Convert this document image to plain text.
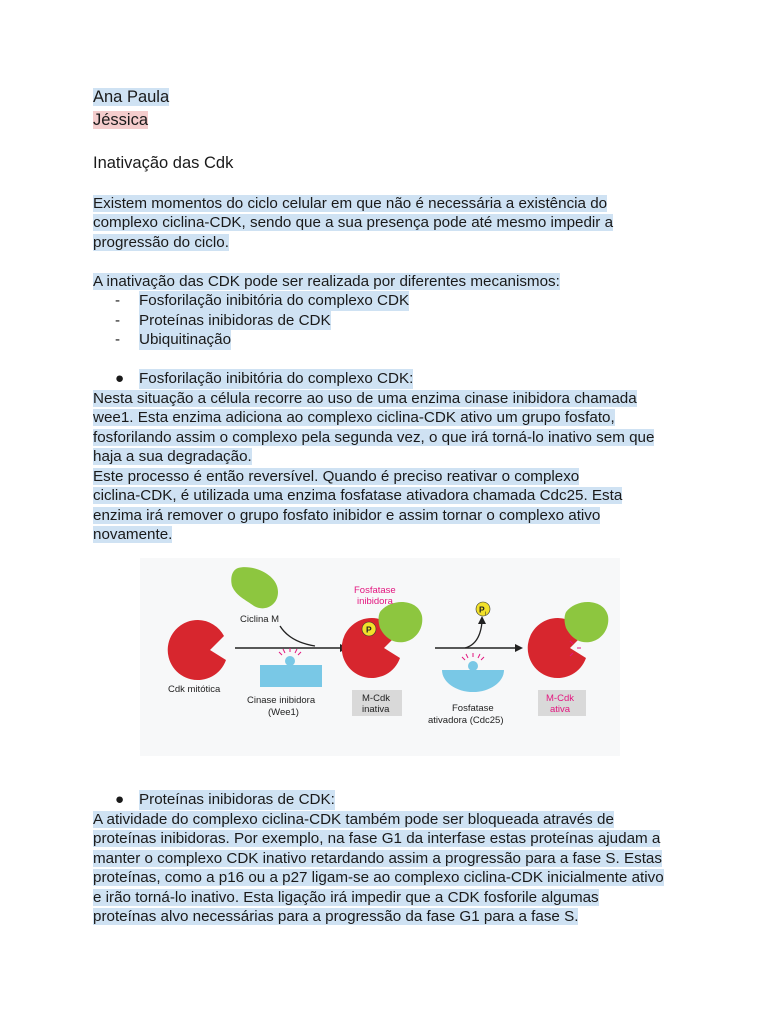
Ana Paula
Jéssica
Inativação das Cdk
Existem momentos do ciclo celular em que não é necessária a existência do
complexo ciclina-CDK, sendo que a sua presença pode até mesmo impedir a
progressão do ciclo.
A inativação das CDK pode ser realizada por diferentes mecanismos:
-	Fosforilação inibitória do complexo CDK
-	Proteínas inibidoras de CDK
-	Ubiquitinação
● Fosforilação inibitória do complexo CDK:
Nesta situação a célula recorre ao uso de uma enzima cinase inibidora chamada
wee1. Esta enzima adiciona ao complexo ciclina-CDK ativo um grupo fosfato,
fosforilando assim o complexo pela segunda vez, o que irá torná-lo inativo sem que
haja a sua degradação.
Este processo é então reversível. Quando é preciso reativar o complexo
ciclina-CDK, é utilizada uma enzima fosfatase ativadora chamada Cdc25. Esta
enzima irá remover o grupo fosfato inibidor e assim tornar o complexo ativo
novamente.
Cdk mitótica
Ciclina M
Cinase inibidora
(Wee1)
P
Fosfatase
inibidora
M-Cdk
inativa
P i
Fosfatase
ativadora (Cdc25)
M-Cdk
ativa
● Proteínas inibidoras de CDK:
A atividade do complexo ciclina-CDK também pode ser bloqueada através de
proteínas inibidoras. Por exemplo, na fase G1 da interfase estas proteínas ajudam a
manter o complexo CDK inativo retardando assim a progressão para a fase S. Estas
proteínas, como a p16 ou a p27 ligam-se ao complexo ciclina-CDK inicialmente ativo
e irão torná-lo inativo. Esta ligação irá impedir que a CDK fosforile algumas
proteínas alvo necessárias para a progressão da fase G1 para a fase S.
